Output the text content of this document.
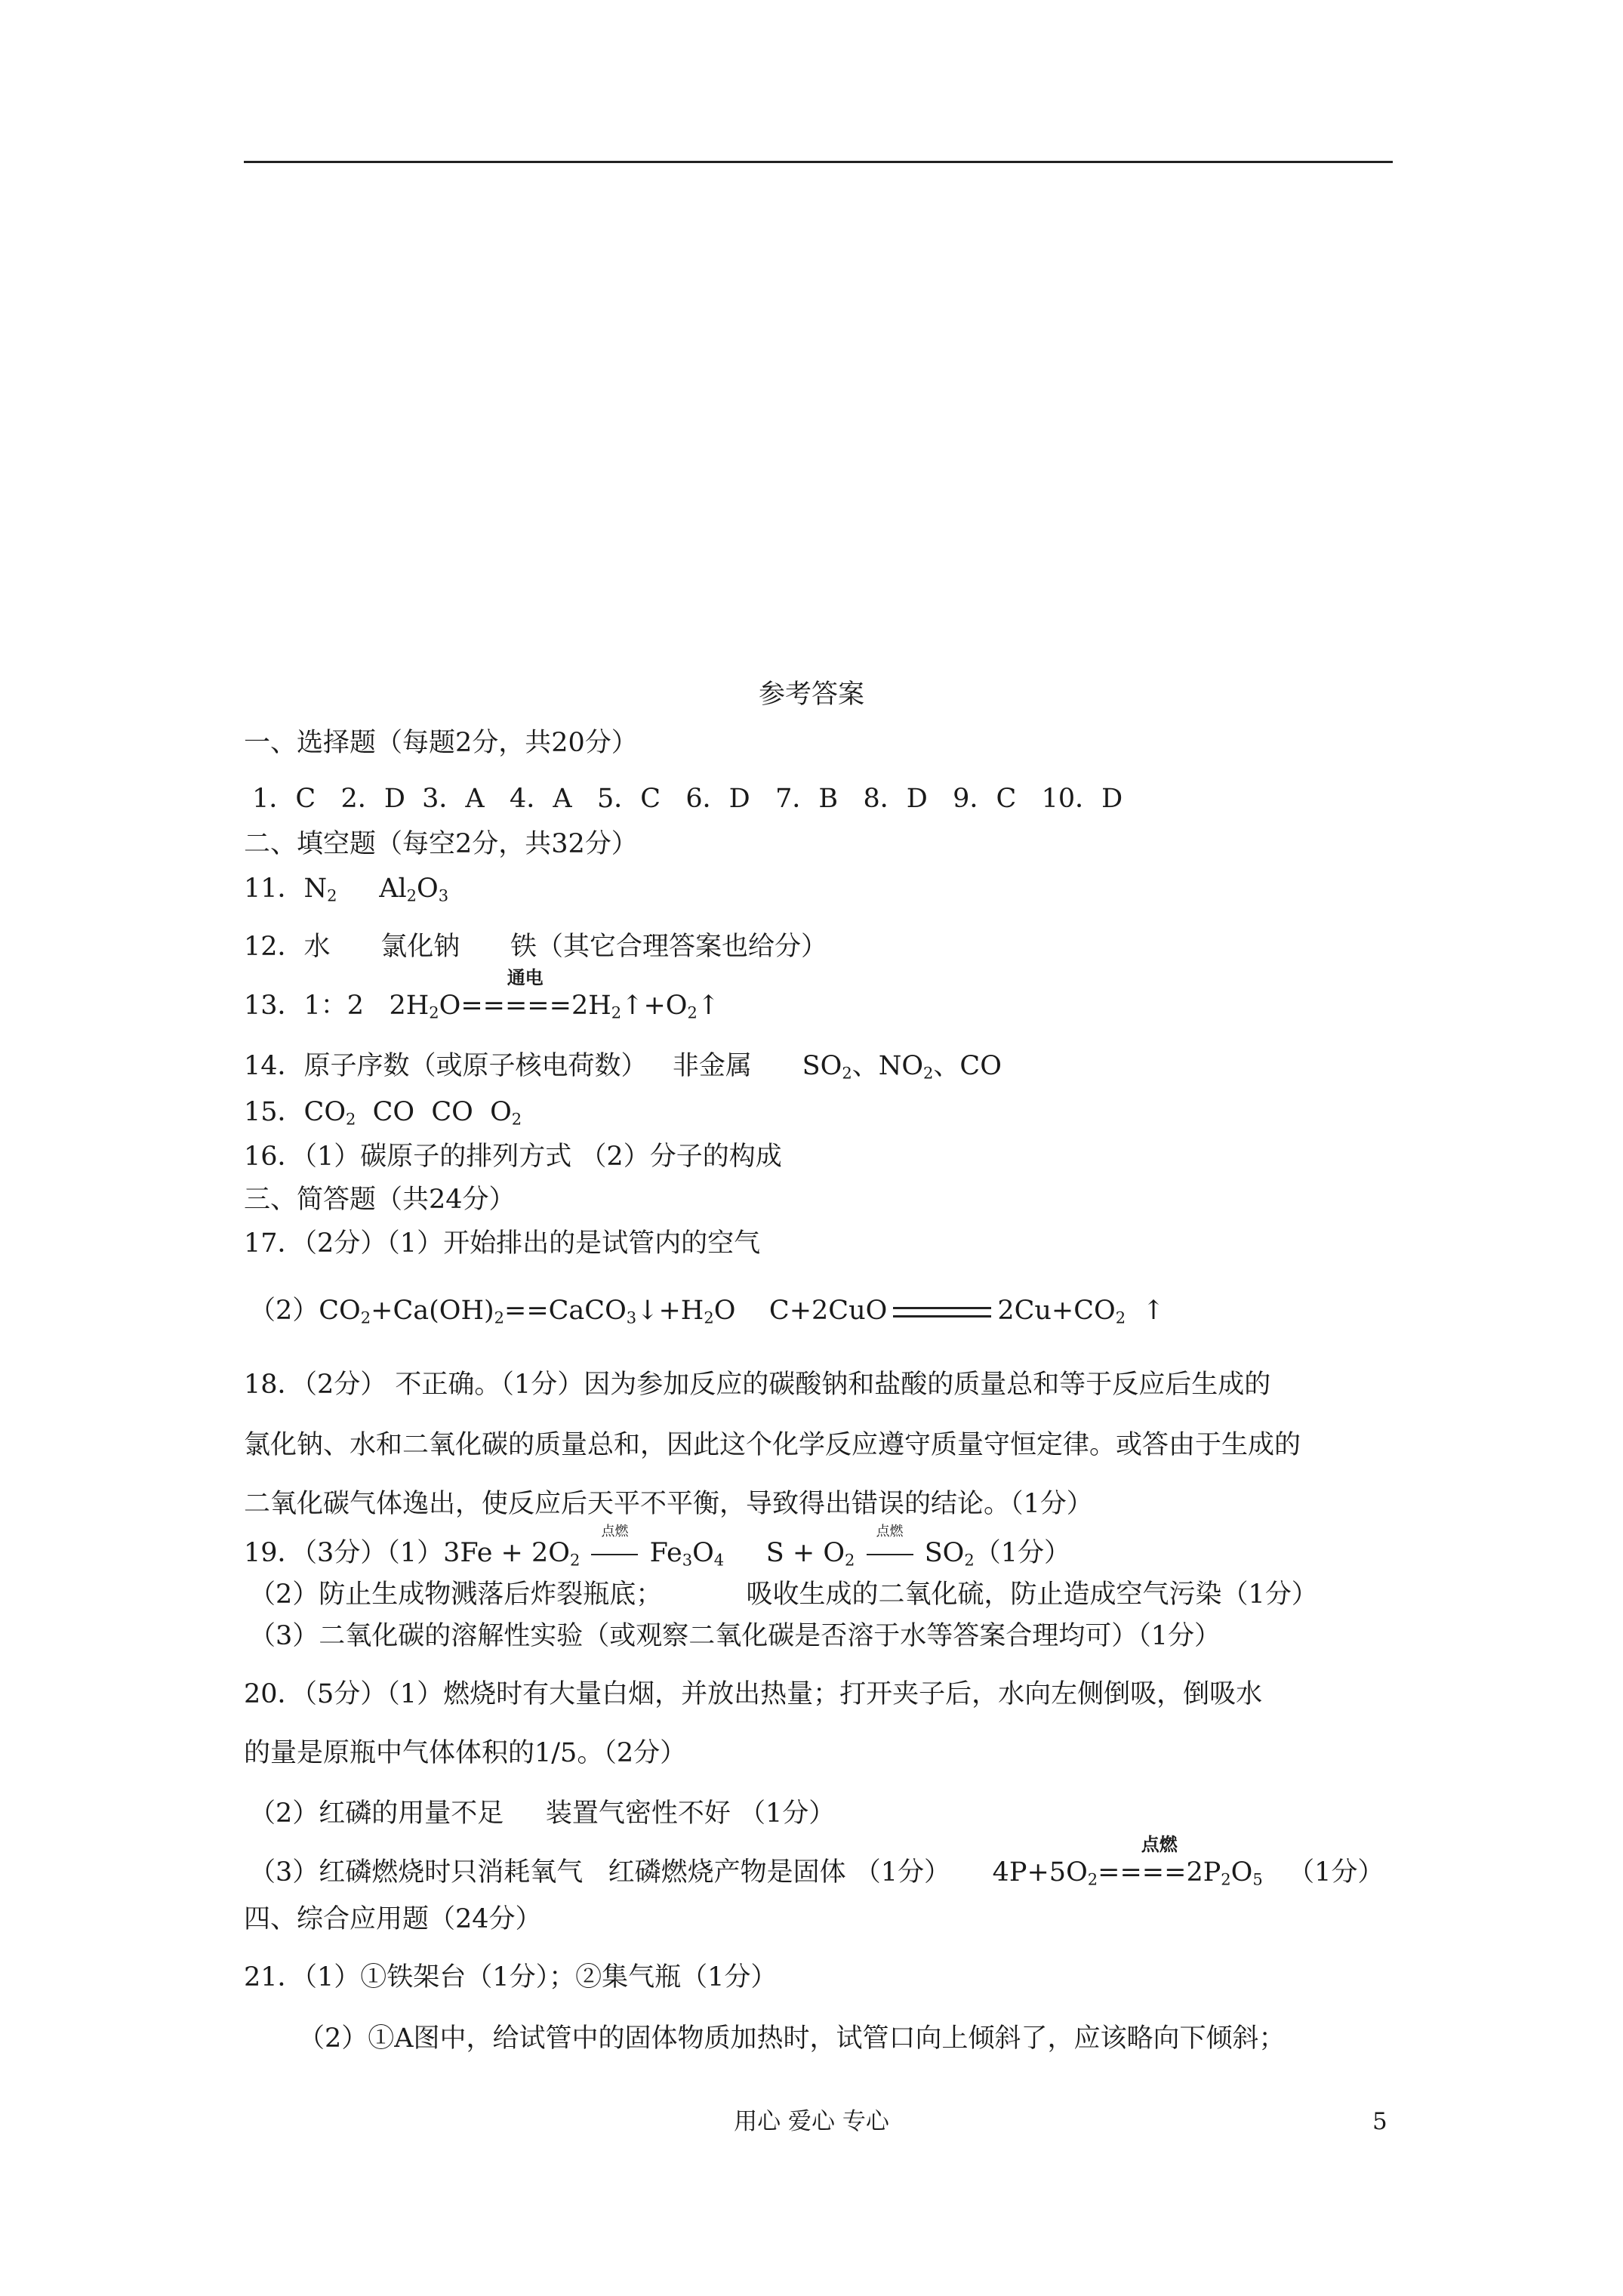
参考答案
一、选择题（每题2分，共20分）
1．C   2．D  3．A   4．A   5．C   6．D   7．B   8．D   9．C   10．D
二、填空题（每空2分，共32分）
11．$N_2$ $Al_2O_3$
12．水      氯化钠      铁（其它合理答案也给分）
13．1：2   $2H_2$
通电
$O=====2H_2↑+O_2↑$
14．原子序数（或原子核电荷数）   非金属      $SO_2$、$NO_2$、CO
15．$CO_2$  CO  CO  $O_2$
16．（1）碳原子的排列方式 （2）分子的构成
三、简答题（共24分）
17．（2分）（1）开始排出的是试管内的空气
$(2)CO_2+Ca(OH)_2==CaCO_3↓+H_2O$    C+2CuO	$2Cu+CO_2$  ↑
18．（2分） 不正确。（1分）因为参加反应的碳酸钠和盐酸的质量总和等于反应后生成的
氯化钠、水和二氧化碳的质量总和，因此这个化学反应遵守质量守恒定律。或答由于生成的
二氧化碳气体逸出，使反应后天平不平衡，导致得出错误的结论。（1分）
19．（3分）$(1)3Fe + 2O_2$
点燃
$Fe_3O_4$     $S + O_2$
点燃
$SO_2(1$分）
（2）防止生成物溅落后炸裂瓶底；          吸收生成的二氧化硫，防止造成空气污染（1分）
（3）二氧化碳的溶解性实验（或观察二氧化碳是否溶于水等答案合理均可）（1分）
20．（5分）（1）燃烧时有大量白烟，并放出热量；打开夹子后，水向左侧倒吸，倒吸水
的量是原瓶中气体体积的1/5。（2分）
（2）红磷的用量不足     装置气密性不好 （1分）
（3）红磷燃烧时只消耗氧气   红磷燃烧产物是固体 （1分）     $4P+5O_2$
点燃
$====2P_2O_5$   （1分）
四、综合应用题（24分）
21．（1）①铁架台（1分）；②集气瓶（1分）
（2）①A图中，给试管中的固体物质加热时，试管口向上倾斜了，应该略向下倾斜；
用心 爱心 专心	5
